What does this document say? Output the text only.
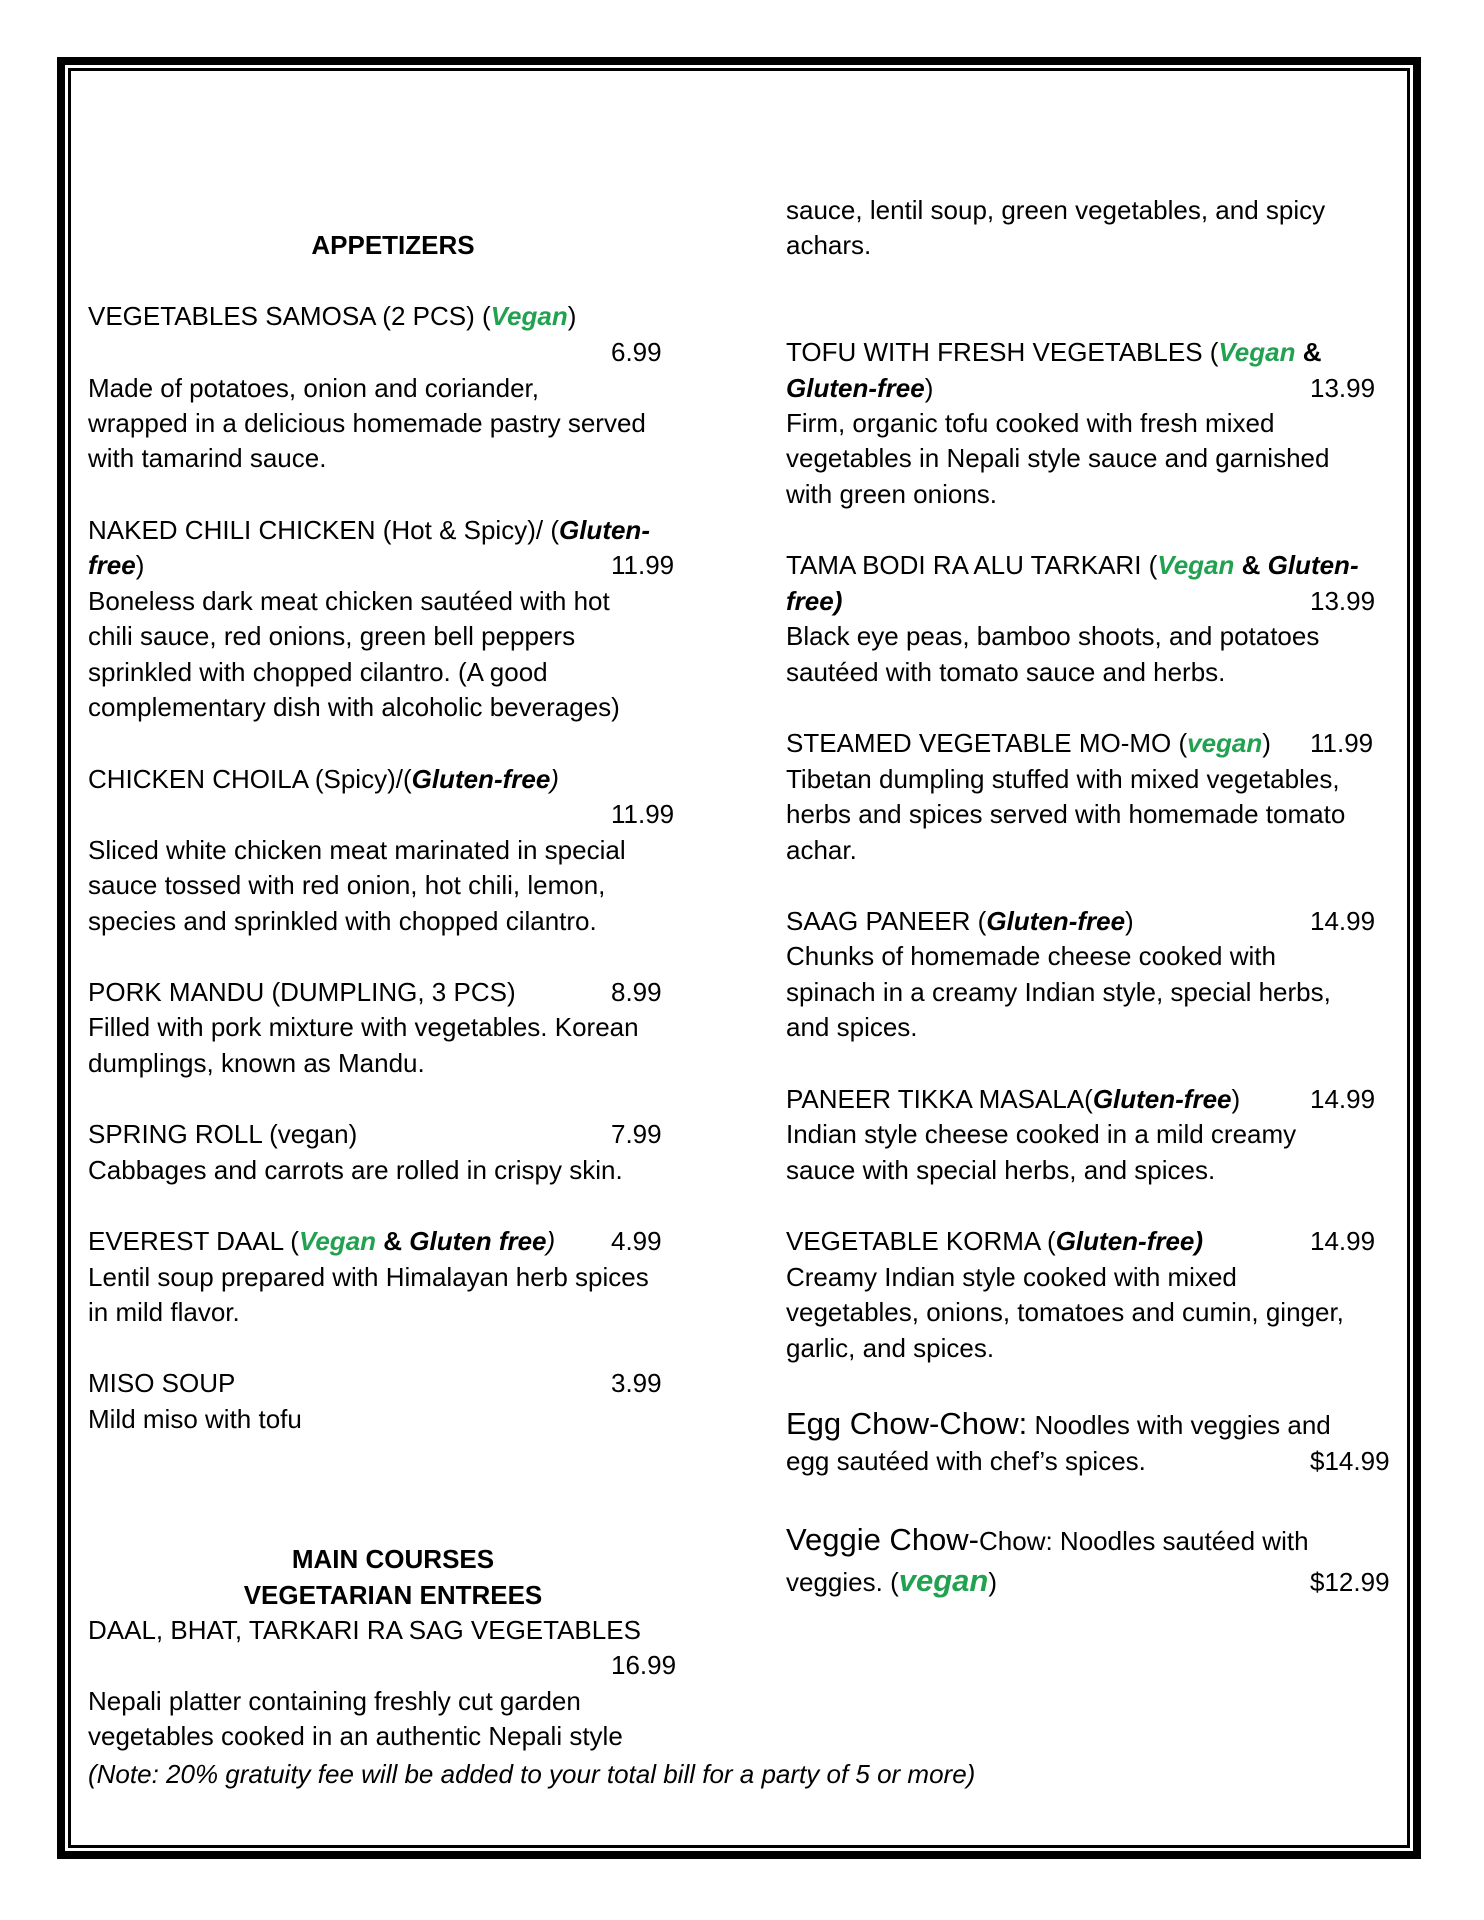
APPETIZERS
VEGETABLES SAMOSA (2 PCS) (Vegan)
6.99
Made of potatoes, onion and coriander,
wrapped in a delicious homemade pastry served
with tamarind sauce.
NAKED CHILI CHICKEN (Hot & Spicy)/ (Gluten-
free)	11.99
Boneless dark meat chicken sautéed with hot
chili sauce, red onions, green bell peppers
sprinkled with chopped cilantro. (A good
complementary dish with alcoholic beverages)
CHICKEN CHOILA (Spicy)/(Gluten-free)
11.99
Sliced white chicken meat marinated in special
sauce tossed with red onion, hot chili, lemon,
species and sprinkled with chopped cilantro.
PORK MANDU (DUMPLING, 3 PCS)	8.99
Filled with pork mixture with vegetables. Korean
dumplings, known as Mandu.
SPRING ROLL (vegan)	7.99
Cabbages and carrots are rolled in crispy skin.
EVEREST DAAL (Vegan & Gluten free) 4.99
Lentil soup prepared with Himalayan herb spices
in mild flavor.
MISO SOUP	3.99
Mild miso with tofu
MAIN COURSES
VEGETARIAN ENTREES
DAAL, BHAT, TARKARI RA SAG VEGETABLES
16.99
Nepali platter containing freshly cut garden
vegetables cooked in an authentic Nepali style
(Note: 20% gratuity fee will be added to your total bill for a party of 5 or more)
sauce, lentil soup, green vegetables, and spicy
achars.
TOFU WITH FRESH VEGETABLES (Vegan &
Gluten-free)	13.99
Firm, organic tofu cooked with fresh mixed
vegetables in Nepali style sauce and garnished
with green onions.
TAMA BODI RA ALU TARKARI (Vegan & Gluten-
free)	13.99
Black eye peas, bamboo shoots, and potatoes
sautéed with tomato sauce and herbs.
STEAMED VEGETABLE MO-MO (vegan) 11.99
Tibetan dumpling stuffed with mixed vegetables,
herbs and spices served with homemade tomato
achar.
SAAG PANEER (Gluten-free)	14.99
Chunks of homemade cheese cooked with
spinach in a creamy Indian style, special herbs,
and spices.
PANEER TIKKA MASALA(Gluten-free)	14.99
Indian style cheese cooked in a mild creamy
sauce with special herbs, and spices.
VEGETABLE KORMA (Gluten-free)	14.99
Creamy Indian style cooked with mixed
vegetables, onions, tomatoes and cumin, ginger,
garlic, and spices.
Egg Chow-Chow: Noodles with veggies and
egg sautéed with chef’s spices.	$14.99
Veggie Chow-Chow: Noodles sautéed with
veggies. (vegan)	$12.99
